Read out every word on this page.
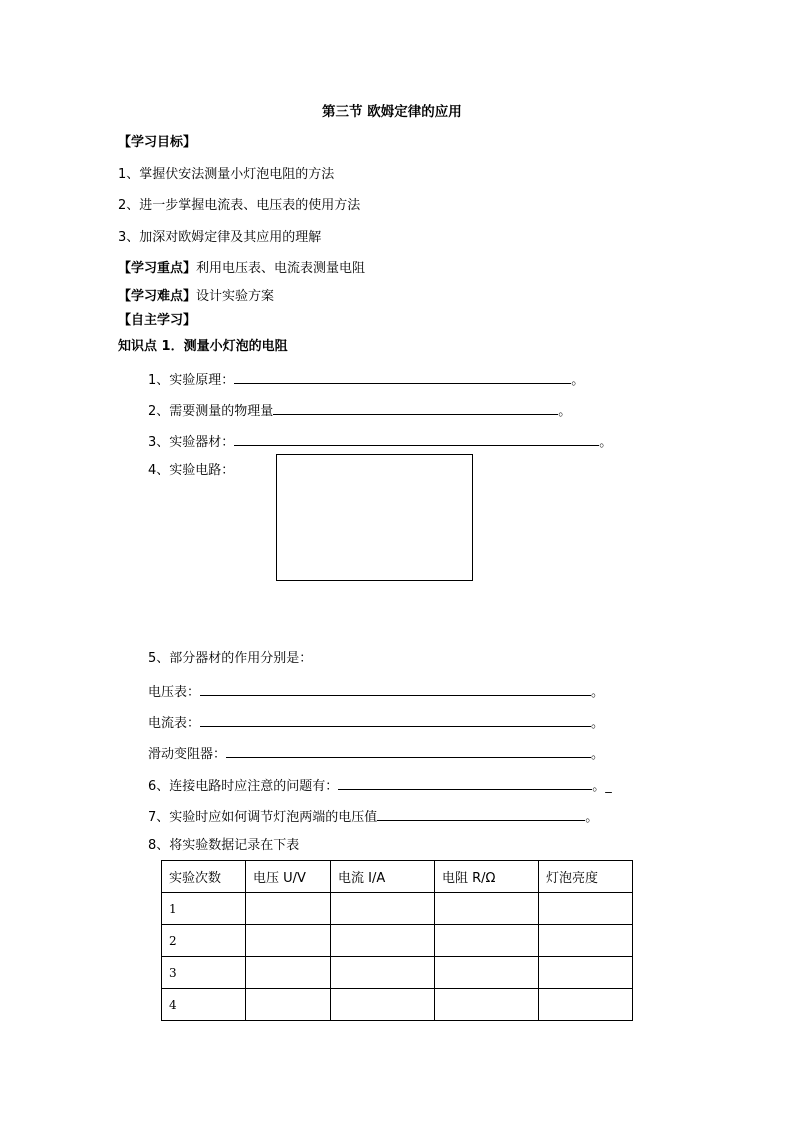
第三节 欧姆定律的应用
【学习目标】
1、掌握伏安法测量小灯泡电阻的方法
2、进一步掌握电流表、电压表的使用方法
3、加深对欧姆定律及其应用的理解
【学习重点】利用电压表、电流表测量电阻
【学习难点】设计实验方案
【自主学习】
知识点 1．测量小灯泡的电阻
1、实验原理：	。
2、需要测量的物理量	。
3、实验器材：	。
4、实验电路：
5、部分器材的作用分别是：
电压表：	。
电流表：	。
滑动变阻器：	。
6、连接电路时应注意的问题有：	。_
7、实验时应如何调节灯泡两端的电压值	。
8、将实验数据记录在下表
实验次数	电压 U/V	电流 I/A	电阻 R/Ω	灯泡亮度
1				
2				
3				
4				
